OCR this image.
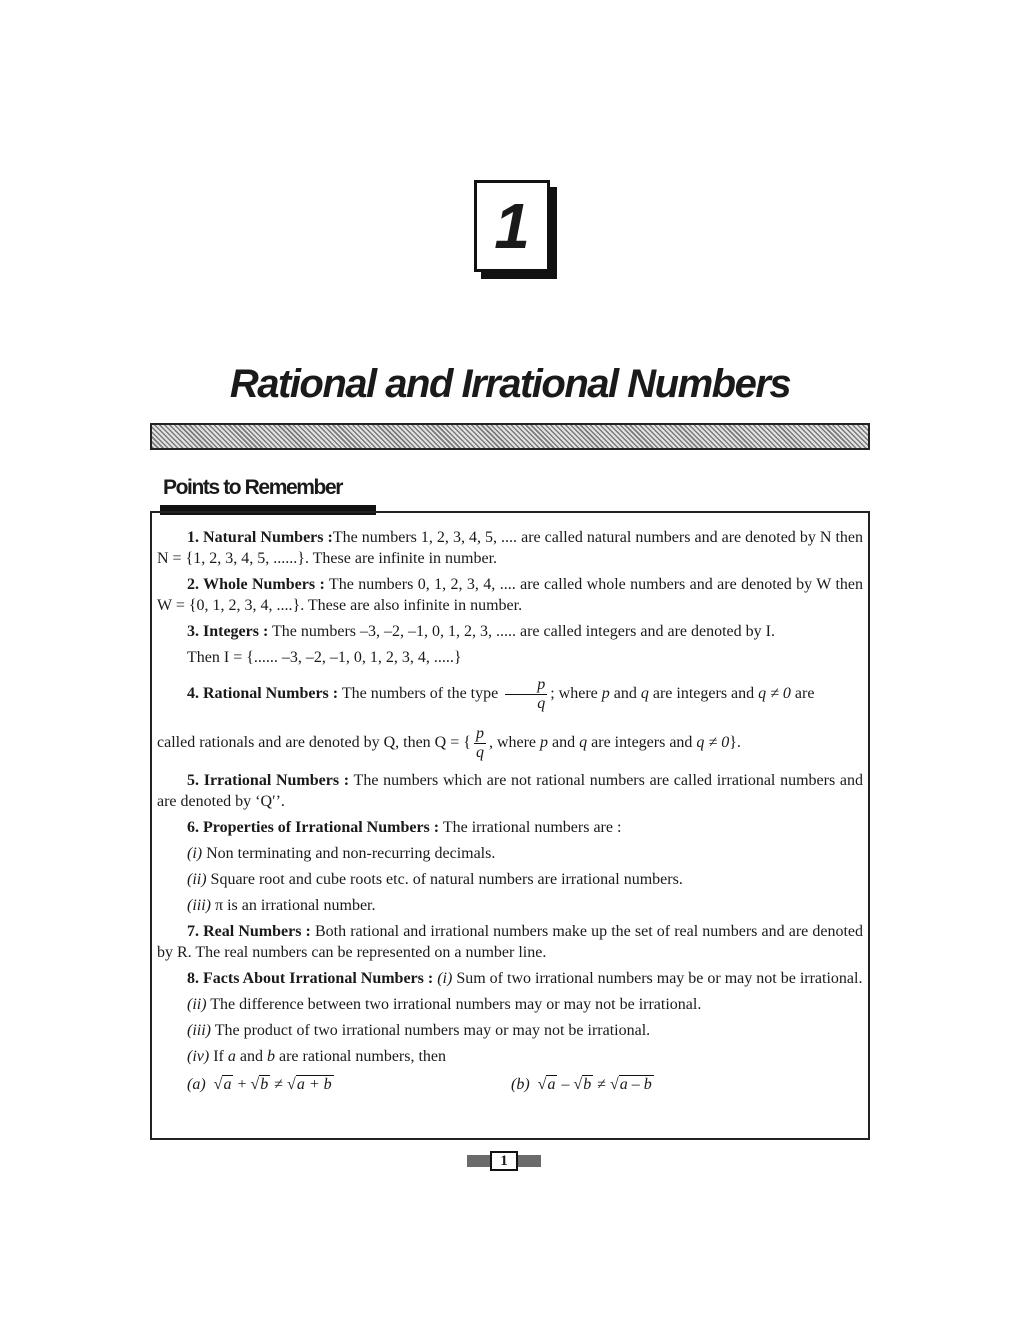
1
Rational and Irrational Numbers
Points to Remember

1. Natural Numbers :The numbers 1, 2, 3, 4, 5, .... are called natural numbers and are denoted by N then N = {1, 2, 3, 4, 5, ......}. These are infinite in number.

2. Whole Numbers : The numbers 0, 1, 2, 3, 4, .... are called whole numbers and are denoted by W then W = {0, 1, 2, 3, 4, ....}. These are also infinite in number.

3. Integers : The numbers –3, –2, –1, 0, 1, 2, 3, ..... are called integers and are denoted by I.

Then I = {...... –3, –2, –1, 0, 1, 2, 3, 4, .....}

4. Rational Numbers : The numbers of the type $\frac{p}{q}$ ; where p and q are integers and q ≠ 0 are

called rationals and are denoted by Q, then Q = { $\frac{p}{q}$ , where p and q are integers and q ≠ 0}.

5. Irrational Numbers : The numbers which are not rational numbers are called irrational numbers and are denoted by ‘Q′’.

6. Properties of Irrational Numbers : The irrational numbers are :

(i) Non terminating and non-recurring decimals.

(ii) Square root and cube roots etc. of natural numbers are irrational numbers.

(iii) π is an irrational number.

7. Real Numbers : Both rational and irrational numbers make up the set of real numbers and are denoted by R. The real numbers can be represented on a number line.

8. Facts About Irrational Numbers : (i) Sum of two irrational numbers may be or may not be irrational.

(ii) The difference between two irrational numbers may or may not be irrational.

(iii) The product of two irrational numbers may or may not be irrational.

(iv) If a and b are rational numbers, then

(a) √a + √b ≠ √a + b	(b) √a – √b ≠ √a – b
1
